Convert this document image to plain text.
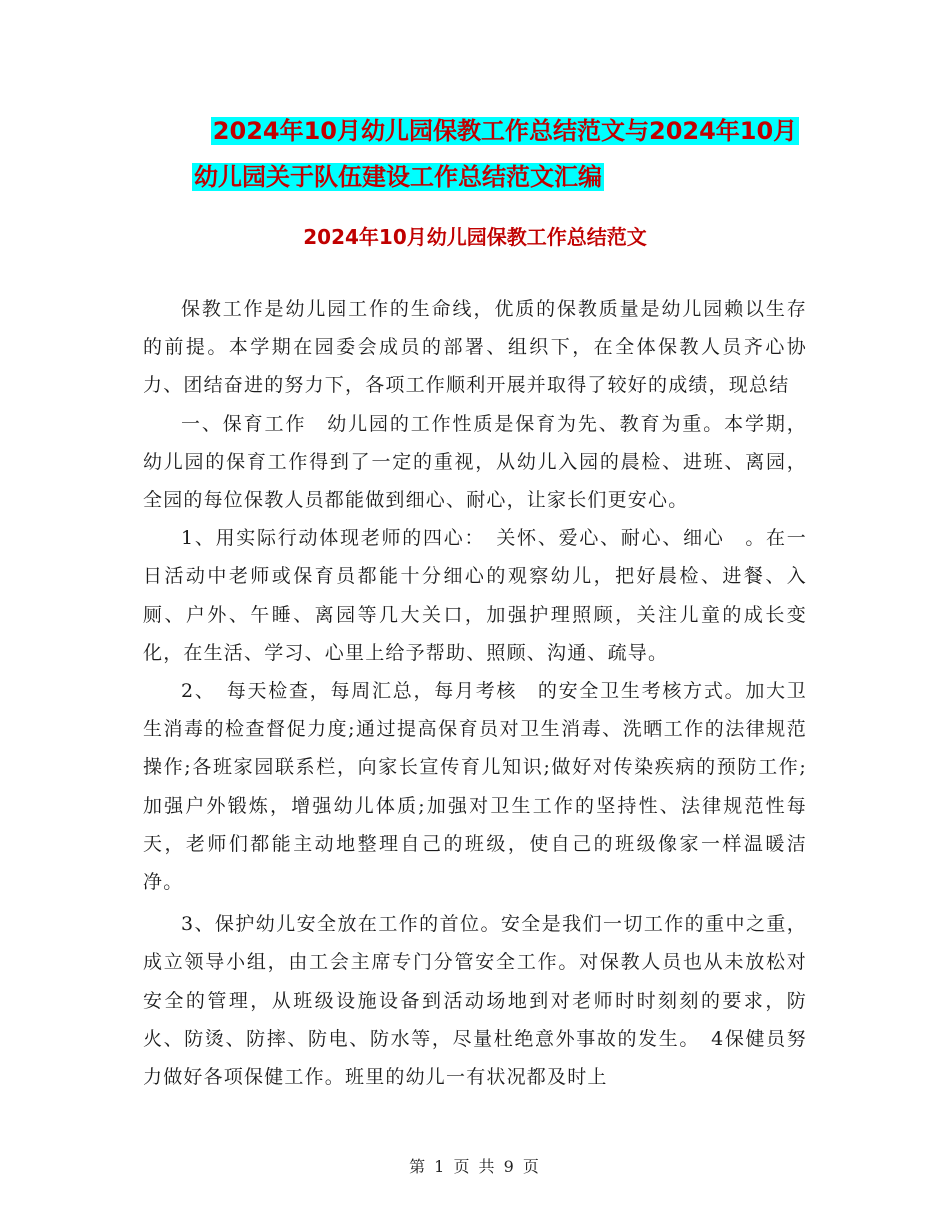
2024年10月幼儿园保教工作总结范文与2024年10月
幼儿园关于队伍建设工作总结范文汇编
2024年10月幼儿园保教工作总结范文

保教工作是幼儿园工作的生命线，优质的保教质量是幼儿园赖以生存的前提。本学期在园委会成员的部署、组织下，在全体保教人员齐心协力、团结奋进的努力下，各项工作顺利开展并取得了较好的成绩，现总结

一、保育工作　幼儿园的工作性质是保育为先、教育为重。本学期，幼儿园的保育工作得到了一定的重视，从幼儿入园的晨检、进班、离园，全园的每位保教人员都能做到细心、耐心，让家长们更安心。

1、用实际行动体现老师的四心：　关怀、爱心、耐心、细心　。在一日活动中老师或保育员都能十分细心的观察幼儿，把好晨检、进餐、入厕、户外、午睡、离园等几大关口，加强护理照顾，关注儿童的成长变化，在生活、学习、心里上给予帮助、照顾、沟通、疏导。

2、　每天检查，每周汇总，每月考核　的安全卫生考核方式。加大卫生消毒的检查督促力度;通过提高保育员对卫生消毒、洗晒工作的法律规范操作;各班家园联系栏，向家长宣传育儿知识;做好对传染疾病的预防工作;加强户外锻炼，增强幼儿体质;加强对卫生工作的坚持性、法律规范性每天，老师们都能主动地整理自己的班级，使自己的班级像家一样温暖洁净。

3、保护幼儿安全放在工作的首位。安全是我们一切工作的重中之重，成立领导小组，由工会主席专门分管安全工作。对保教人员也从未放松对安全的管理，从班级设施设备到活动场地到对老师时时刻刻的要求，防火、防烫、防摔、防电、防水等，尽量杜绝意外事故的发生。　4保健员努力做好各项保健工作。班里的幼儿一有状况都及时上

第 1 页 共 9 页
